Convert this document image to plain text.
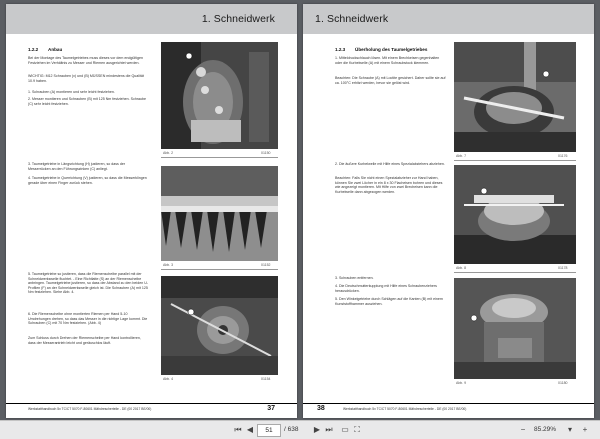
1. Schneidwerk
1.2.2 Anbau
Bei der Montage des Taumelgetriebes muss dieses vor dem endgültigen Festziehen im Verhältnis zu Messer und Riemen ausgerichtet werden.
WICHTIG: M12 Schrauben (x) und (B) MÜSSEN mindestens die Qualität 10.9 haben.
1. Schrauben (A) montieren und sehr leicht festziehen.
2. Messer montieren und Schrauben (B) mit 125 Nm festziehen. Schraube (C) sehr leicht festziehen.
Abb. 2	01150
3. Taumelgetriebe in Längsrichtung (H) justieren, so dass der Messerrücken an den Führungszinken (C) anliegt.
4. Taumelgetriebe in Querrichtung (V) justieren, so dass die Messerklingen gerade über einen Finger zurück stehen.
Abb. 3	01152
5. Taumelgetriebe so justieren, dass die Riemenscheibe parallel mit der Schneidwerkswelle fluchtet. - Eine Richtlatte (S) an der Riemenscheibe anbringen. Taumelgetriebe justieren, so dass der Abstand zu den beiden U-Profilen (F) an der Schneidwerkswelle gleich ist. Die Schrauben (A) mit 125 Nm festziehen. Siehe Abb. 4.
6. Die Riemenscheibe ohne montierten Riemen per Hand 5-10 Umdrehungen drehen, so dass das Messer in die richtige Lage kommt. Die Schrauben (C) mit 70 Nm festziehen. (Abb. 4)
Zum Schluss durch Drehen der Riemenscheibe per Hand kontrollieren, dass der Messerantrieb leicht und geräuschlos läuft.
Abb. 4	01154
Werkstatthandbuch 5x TC/CT 5070 F-80601 Mähdrescherteile - DE (00 2017 BE/00)	37
1. Schneidwerk
1.2.3 Überholung des Taumelgetriebes
1. Mitteldruckschlauch lösen. Mit einem Brechkeisen gegenhalten oder die Kurbelwelle (A) mit einem Schraubstock klemmen.
Beachten: Die Schraube (A) mit Loctite gesichert. Daher sollte sie auf ca. 100°C erhitzt werden, bevor sie gelöst wird.
Abb. 7	01176
2. Die äußere Kurbelwelle mit Hilfe eines Spezialabziehers abziehen.
Beachten: Falls Sie nicht einen Spezialabzieher zur Hand haben, können Sie zwei Löcher in ein 8 x 30 Flacheisen bohren und dieses wie angezeigt montieren. Mit Hilfe von zwei Brecheisen kann die Kurbelwelle dann abgezogen werden.
Abb. 8	01178
3. Schrauben entfernen.
4. Die Deutschmutterkupplung mit Hilfe eines Schraubenziehers herausdrücken.
5. Den Winkelgetriebe durch Schlägen auf die Kanten (B) mit einem Kunststoffhammer ausziehen.
Abb. 9	01180
38	Werkstatthandbuch 5x TC/CT 5070 F-80601 Mähdrescherteile - DE (00 2017 BE/00)
⏮ ◀
51	/ 638 ▶ ⏭ ▭ ⛶	−	85.29% ▾	+
